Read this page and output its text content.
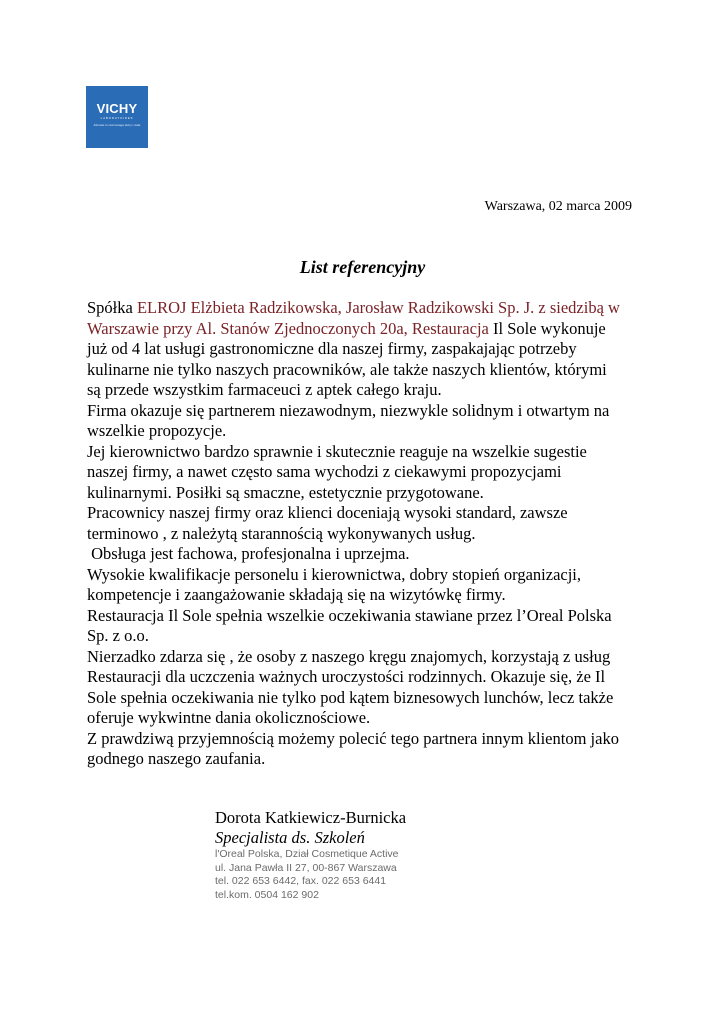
VICHY
LABORATOIRES
Zdrowie to równowaga skóry i ciała
Warszawa, 02 marca 2009
List referencyjny
Spółka ELROJ Elżbieta Radzikowska, Jarosław Radzikowski Sp. J. z siedzibą w
Warszawie przy Al. Stanów Zjednoczonych 20a, Restauracja Il Sole wykonuje
już od 4 lat usługi gastronomiczne dla naszej firmy, zaspakajając potrzeby
kulinarne nie tylko naszych pracowników, ale także naszych klientów, którymi
są przede wszystkim farmaceuci z aptek całego kraju.
Firma okazuje się partnerem niezawodnym, niezwykle solidnym i otwartym na
wszelkie propozycje.
Jej kierownictwo bardzo sprawnie i skutecznie reaguje na wszelkie sugestie
naszej firmy, a nawet często sama wychodzi z ciekawymi propozycjami
kulinarnymi. Posiłki są smaczne, estetycznie przygotowane.
Pracownicy naszej firmy oraz klienci doceniają wysoki standard, zawsze
terminowo , z należytą starannością wykonywanych usług.
Obsługa jest fachowa, profesjonalna i uprzejma.
Wysokie kwalifikacje personelu i kierownictwa, dobry stopień organizacji,
kompetencje i zaangażowanie składają się na wizytówkę firmy.
Restauracja Il Sole spełnia wszelkie oczekiwania stawiane przez l’Oreal Polska
Sp. z o.o.
Nierzadko zdarza się , że osoby z naszego kręgu znajomych, korzystają z usług
Restauracji dla uczczenia ważnych uroczystości rodzinnych. Okazuje się, że Il
Sole spełnia oczekiwania nie tylko pod kątem biznesowych lunchów, lecz także
oferuje wykwintne dania okolicznościowe.
Z prawdziwą przyjemnością możemy polecić tego partnera innym klientom jako
godnego naszego zaufania.
Dorota Katkiewicz-Burnicka
Specjalista ds. Szkoleń
l'Oreal Polska, Dział Cosmetique Active
ul. Jana Pawła II 27, 00-867 Warszawa
tel. 022 653 6442, fax. 022 653 6441
tel.kom. 0504 162 902
